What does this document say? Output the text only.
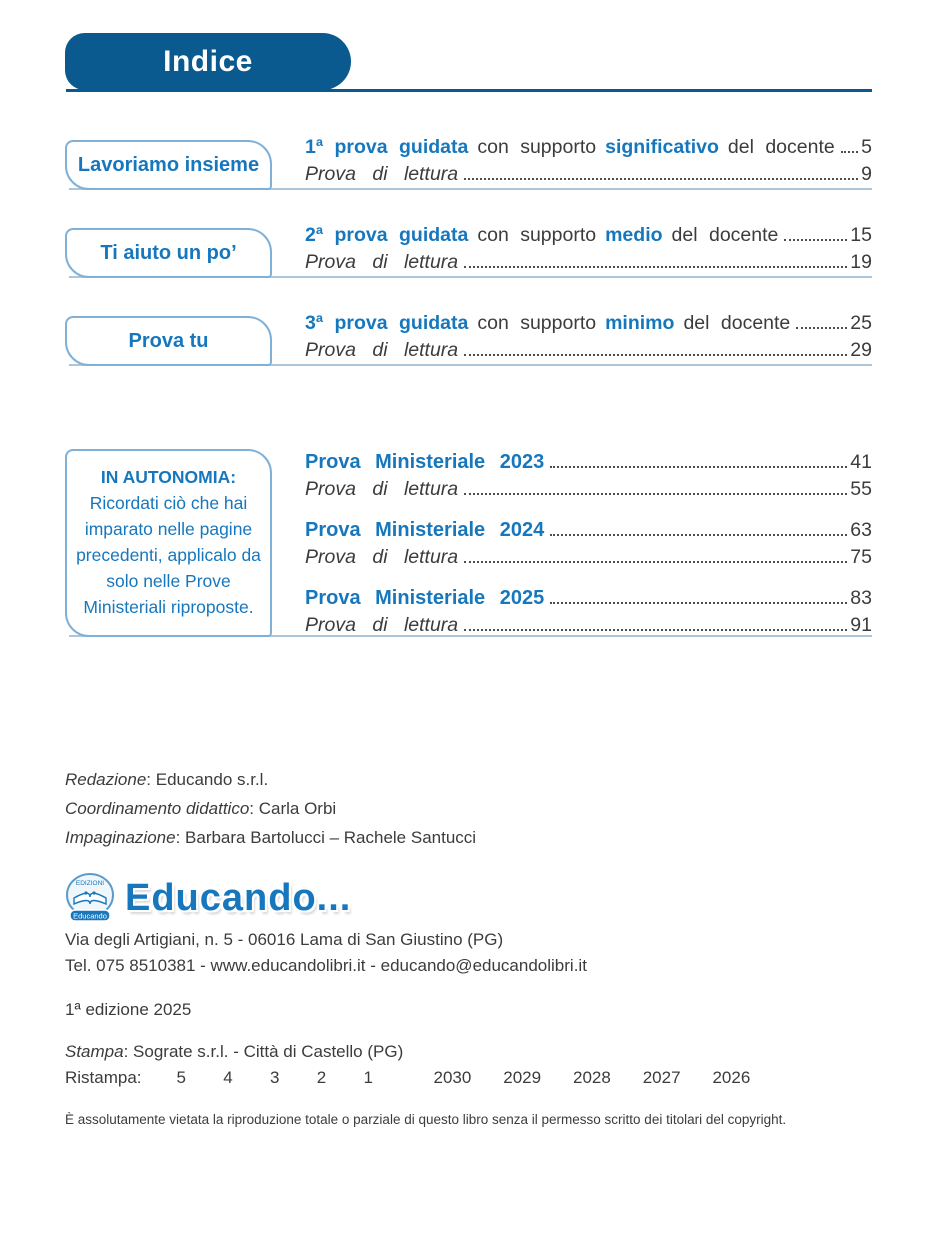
Indice
Lavoriamo insieme
1ª prova guidata con supporto significativo del docente 5
Prova di lettura	9
Ti aiuto un po’
2ª prova guidata con supporto medio del docente	15
Prova di lettura	19
Prova tu
3ª prova guidata con supporto minimo del docente	25
Prova di lettura	29
IN AUTONOMIA:
Ricordati ciò che hai imparato nelle pagine precedenti, applicalo da solo nelle Prove Ministeriali riproposte.
Prova Ministeriale 2023	41
Prova di lettura	55
Prova Ministeriale 2024	63
Prova di lettura	75
Prova Ministeriale 2025	83
Prova di lettura	91
Redazione: Educando s.r.l.
Coordinamento didattico: Carla Orbi
Impaginazione: Barbara Bartolucci – Rachele Santucci
EDIZIONI
Educando Educando...
Via degli Artigiani, n. 5 - 06016 Lama di San Giustino (PG)
Tel. 075 8510381 - www.educandolibri.it - educando@educandolibri.it
1ª edizione 2025
Stampa: Sograte s.r.l. - Città di Castello (PG)
Ristampa: 5 4 3 2 1	2030 2029 2028 2027 2026
È assolutamente vietata la riproduzione totale o parziale di questo libro senza il permesso scritto dei titolari del copyright.
